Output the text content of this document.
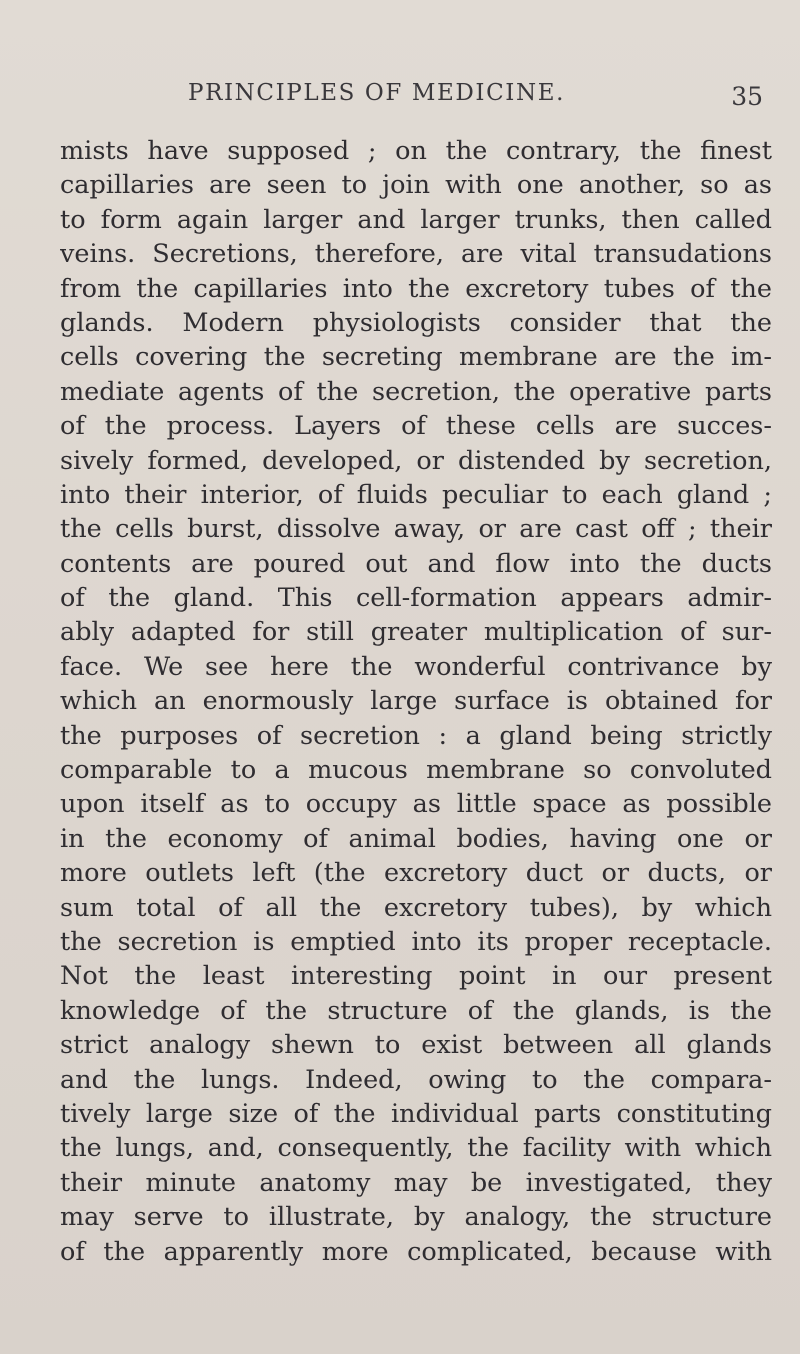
PRINCIPLES OF MEDICINE.	35
mists have supposed ; on the contrary, the finest
capillaries are seen to join with one another, so as
to form again larger and larger trunks, then called
veins. Secretions, therefore, are vital transudations
from the capillaries into the excretory tubes of the
glands. Modern physiologists consider that the
cells covering the secreting membrane are the im-
mediate agents of the secretion, the operative parts
of the process. Layers of these cells are succes-
sively formed, developed, or distended by secretion,
into their interior, of fluids peculiar to each gland ;
the cells burst, dissolve away, or are cast off ; their
contents are poured out and flow into the ducts
of the gland. This cell-formation appears admir-
ably adapted for still greater multiplication of sur-
face. We see here the wonderful contrivance by
which an enormously large surface is obtained for
the purposes of secretion : a gland being strictly
comparable to a mucous membrane so convoluted
upon itself as to occupy as little space as possible
in the economy of animal bodies, having one or
more outlets left (the excretory duct or ducts, or
sum total of all the excretory tubes), by which
the secretion is emptied into its proper receptacle.
Not the least interesting point in our present
knowledge of the structure of the glands, is the
strict analogy shewn to exist between all glands
and the lungs. Indeed, owing to the compara-
tively large size of the individual parts constituting
the lungs, and, consequently, the facility with which
their minute anatomy may be investigated, they
may serve to illustrate, by analogy, the structure
of the apparently more complicated, because with
